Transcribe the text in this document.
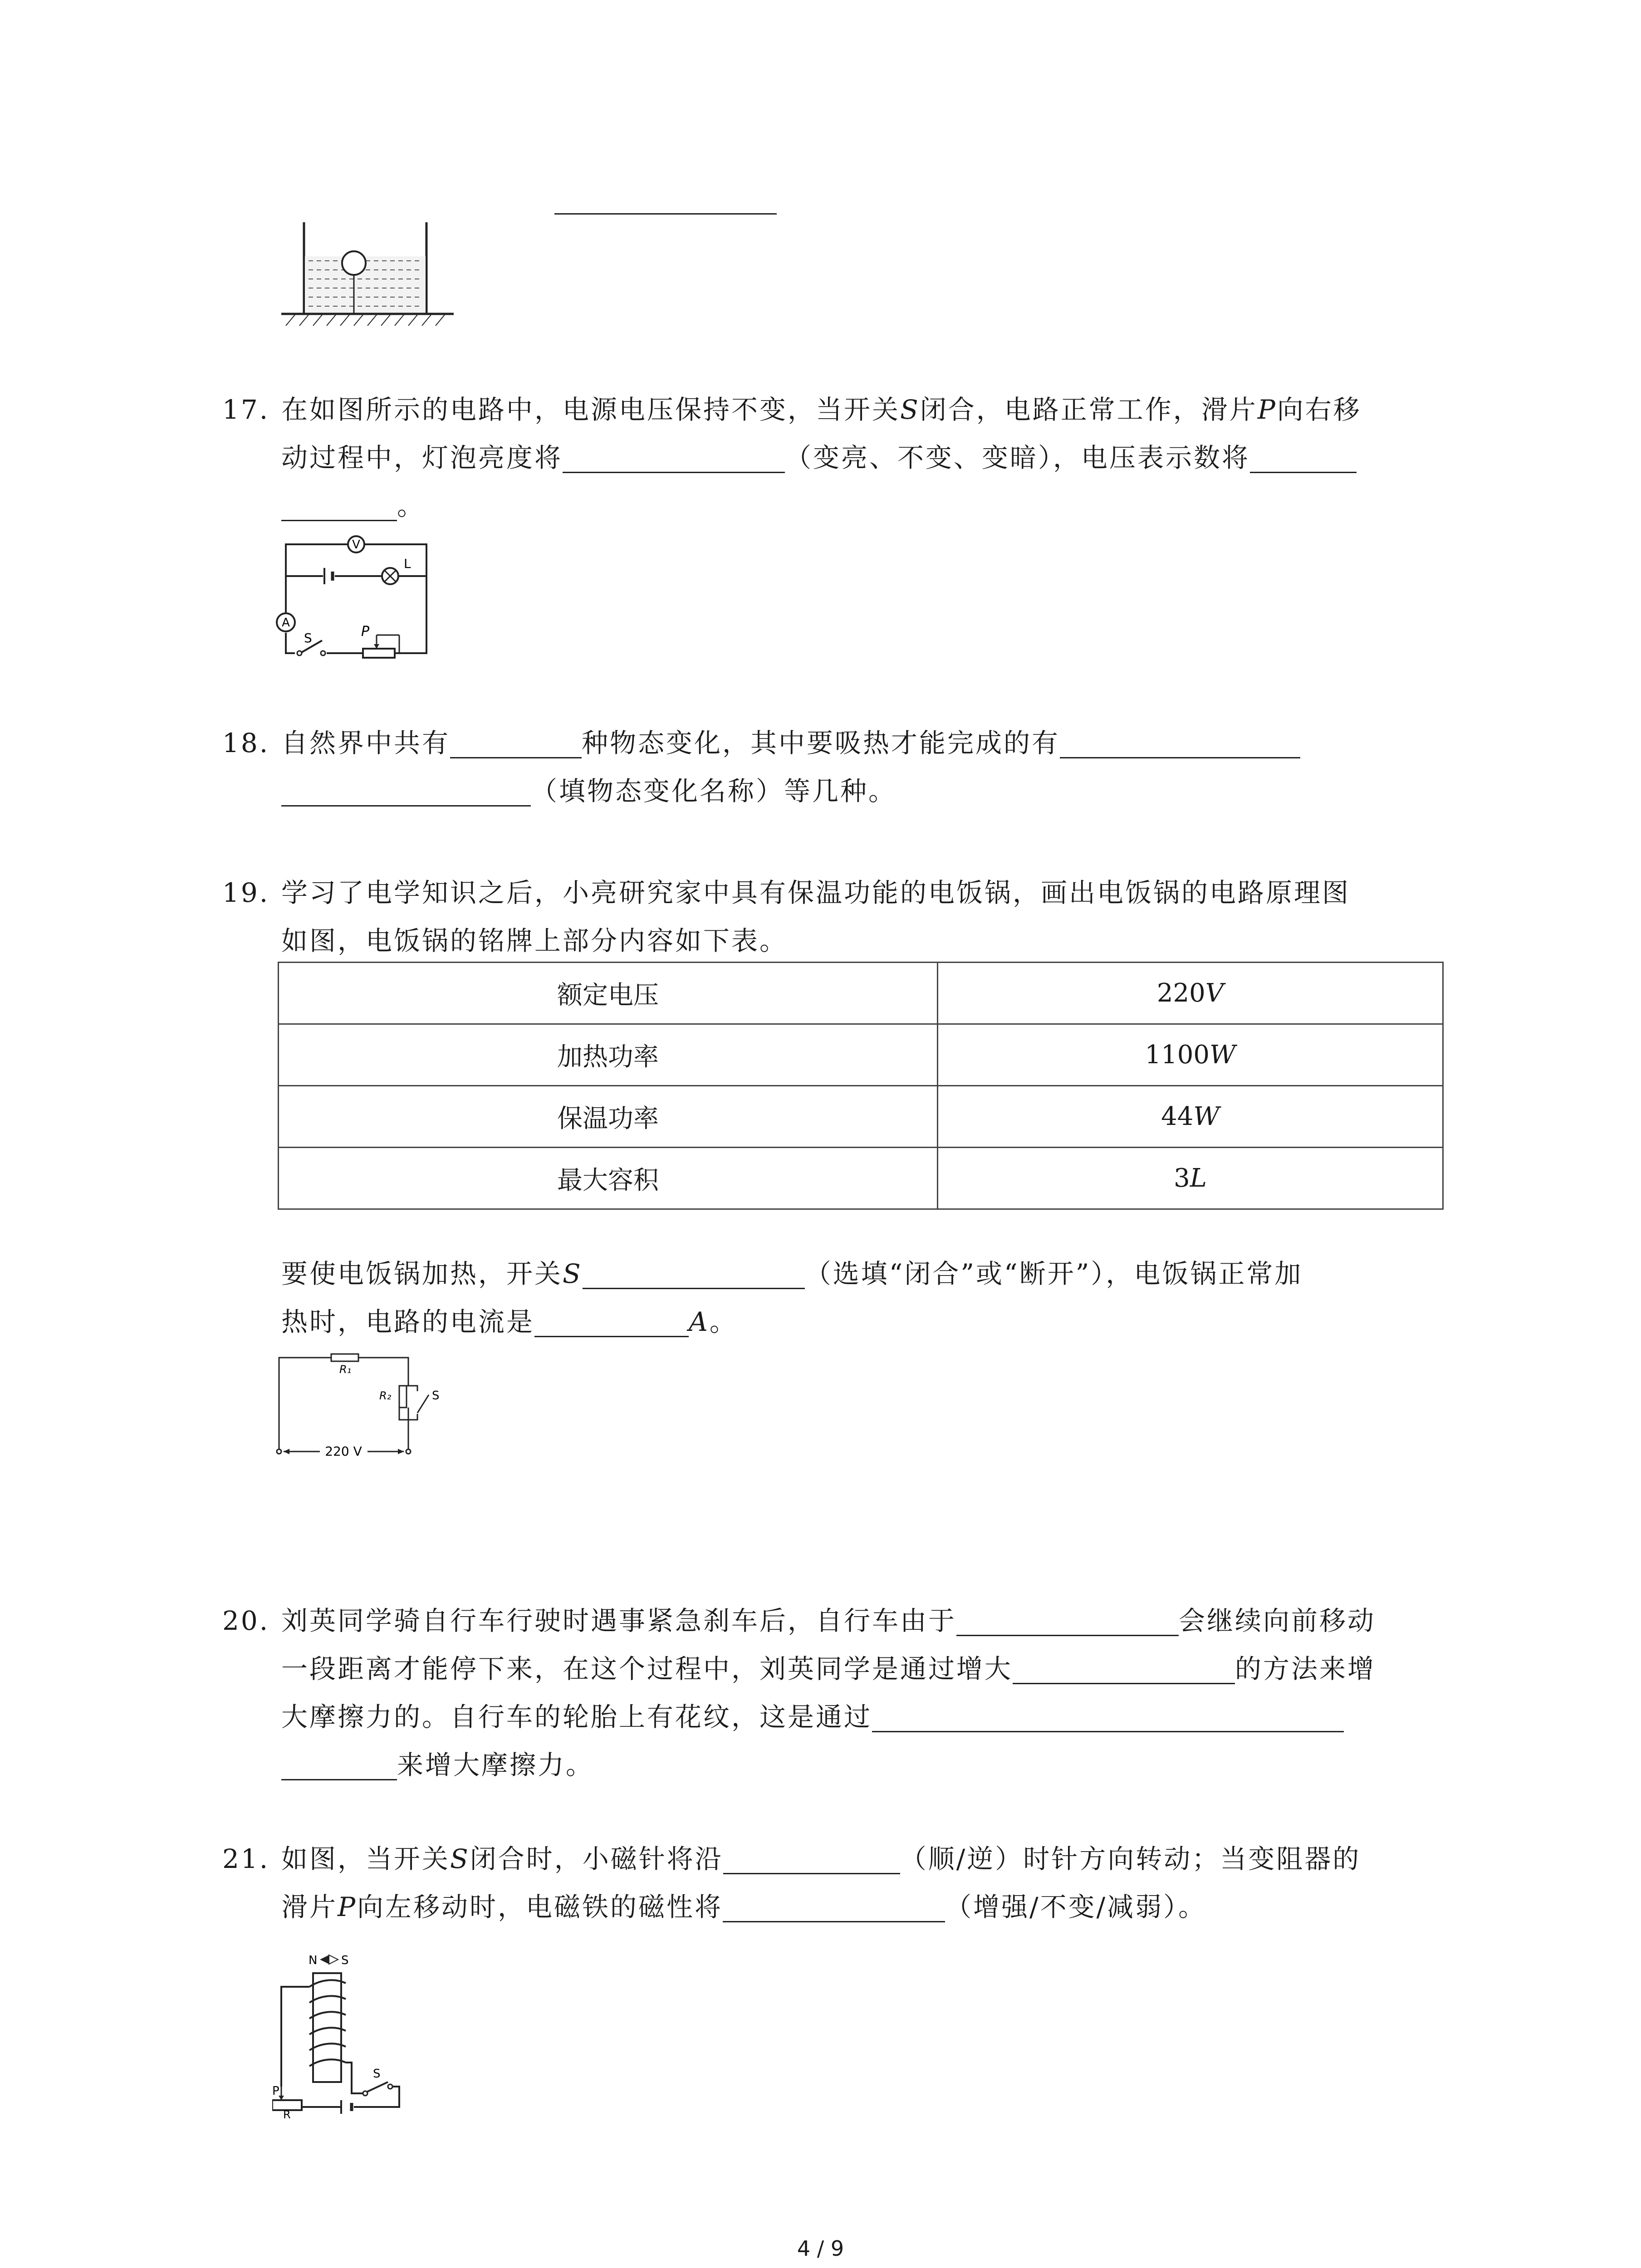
17. 在如图所示的电路中，电源电压保持不变，当开关S闭合，电路正常工作，滑片P向右移
动过程中，灯泡亮度将	（变亮、不变、变暗），电压表示数将
。
V
L
A
S	P
18. 自然界中共有	种物态变化，其中要吸热才能完成的有
（填物态变化名称）等几种。
19. 学习了电学知识之后，小亮研究家中具有保温功能的电饭锅，画出电饭锅的电路原理图
如图，电饭锅的铭牌上部分内容如下表。
额定电压	220V
加热功率	1100W
保温功率	44W
最大容积	3L
要使电饭锅加热，开关S	（选填“闭合”或“断开”），电饭锅正常加
热时，电路的电流是	A。
R₁
R₂	S
220 V
20. 刘英同学骑自行车行驶时遇事紧急刹车后，自行车由于	会继续向前移动
一段距离才能停下来，在这个过程中，刘英同学是通过增大	的方法来增
大摩擦力的。自行车的轮胎上有花纹，这是通过
来增大摩擦力。
21. 如图，当开关S闭合时，小磁针将沿	（顺/逆）时针方向转动；当变阻器的
滑片P向左移动时，电磁铁的磁性将	（增强/不变/减弱）。
N S
S
P
R
4 / 9
